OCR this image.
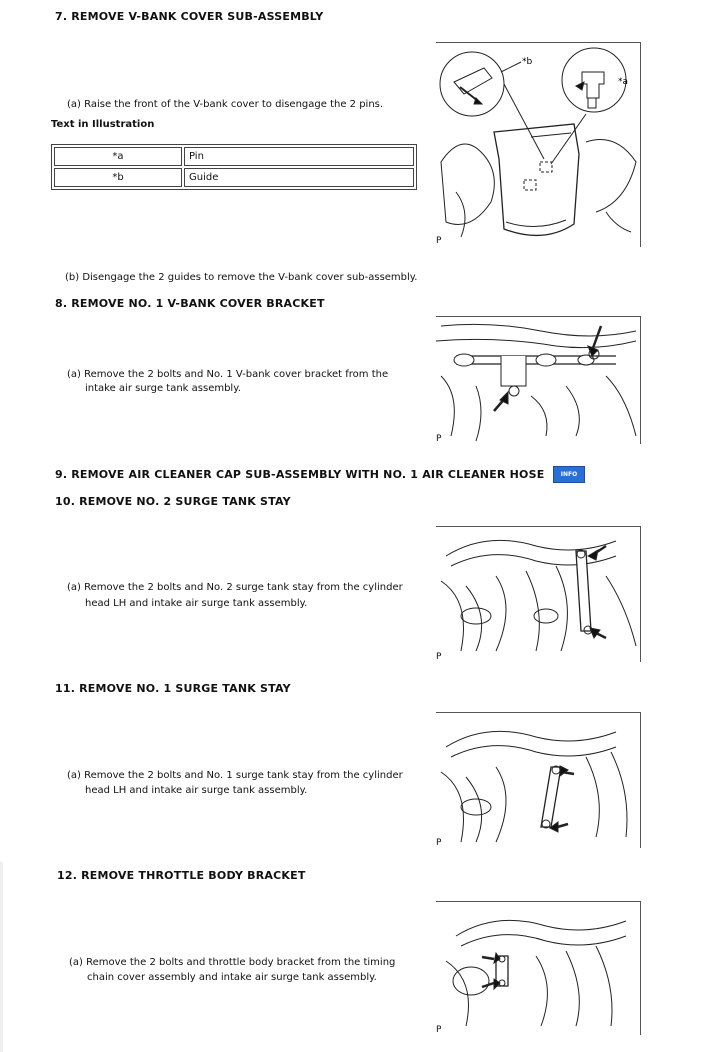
7. REMOVE V-BANK COVER SUB-ASSEMBLY
(a) Raise the front of the V-bank cover to disengage the 2 pins.
Text in Illustration
*a	Pin
*b	Guide
*b
*a
P
(b) Disengage the 2 guides to remove the V-bank cover sub-assembly.
8. REMOVE NO. 1 V-BANK COVER BRACKET
(a) Remove the 2 bolts and No. 1 V-bank cover bracket from the
intake air surge tank assembly.
P
9. REMOVE AIR CLEANER CAP SUB-ASSEMBLY WITH NO. 1 AIR CLEANER HOSE	INFO
10. REMOVE NO. 2 SURGE TANK STAY
(a) Remove the 2 bolts and No. 2 surge tank stay from the cylinder
head LH and intake air surge tank assembly.
P
11. REMOVE NO. 1 SURGE TANK STAY
(a) Remove the 2 bolts and No. 1 surge tank stay from the cylinder
head LH and intake air surge tank assembly.
P
12. REMOVE THROTTLE BODY BRACKET
(a) Remove the 2 bolts and throttle body bracket from the timing
chain cover assembly and intake air surge tank assembly.
P
